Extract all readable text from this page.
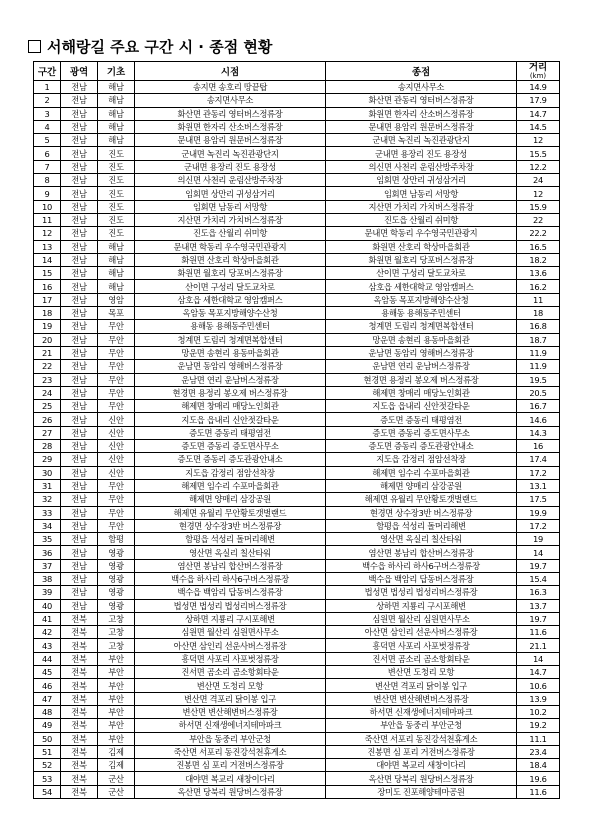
서해랑길 주요 구간 시 · 종점 현황
구간	광역	기초	시점	종점	거리
(km)

1	전남	해남	송지면 송호리 땅끝탑	송지면사무소	14.9
2	전남	해남	송지면사무소	화산면 관동리 영터버스정류장	17.9
3	전남	해남	화산면 관동리 영터버스정류장	화원면 한자리 산소버스정류장	14.7
4	전남	해남	화원면 한자리 산소버스정류장	문내면 용암리 원문버스정류장	14.5
5	전남	해남	문내면 용암리 원문버스정류장	군내면 녹진리 녹진관광단지	12
6	전남	진도	군내면 녹진리 녹진관광단지	군내면 용장리 진도 용장성	15.5
7	전남	진도	군내면 용장리 진도 용장성	의신면 사천리 운림산방주차장	12.2
8	전남	진도	의신면 사천리 운림산방주차장	임회면 상만리 귀성삼거리	24
9	전남	진도	임회면 상만리 귀성삼거리	임회면 남동리 서망항	12
10	전남	진도	임회면 남동리 서망항	지산면 가치리 가치버스정류장	15.9
11	전남	진도	지산면 가치리 가치버스정류장	진도읍 산월리 쉬미항	22
12	전남	진도	진도읍 산월리 쉬미항	문내면 학동리 우수영국민관광지	22.2
13	전남	해남	문내면 학동리 우수영국민관광지	화원면 산호리 학상마을회관	16.5
14	전남	해남	화원면 산호리 학상마을회관	화원면 월호리 당포버스정류장	18.2
15	전남	해남	화원면 월호리 당포버스정류장	산이면 구성리 달도교차로	13.6
16	전남	해남	산이면 구성리 달도교차로	삼호읍 세한대학교 영암캠퍼스	16.2
17	전남	영암	삼호읍 세한대학교 영암캠퍼스	옥암동 목포지방해양수산청	11
18	전남	목포	옥암동 목포지방해양수산청	용해동 용해동주민센터	18
19	전남	무안	용해동 용해동주민센터	청계면 도림리 청계면복합센터	16.8
20	전남	무안	청계면 도림리 청계면복합센터	망운면 송현리 용동마을회관	18.7
21	전남	무안	망운면 송현리 용동마을회관	운남면 동암리 영해버스정류장	11.9
22	전남	무안	운남면 동암리 영해버스정류장	운남면 연리 운남버스정류장	11.9
23	전남	무안	운남면 연리 운남버스정류장	현경면 용정리 봉오제 버스정류장	19.5
24	전남	무안	현경면 용정리 봉오제 버스정류장	해제면 창매리 매당노인회관	20.5
25	전남	무안	해제면 창매리 매당노인회관	지도읍 읍내리 신안젓갈타운	16.7
26	전남	신안	지도읍 읍내리 신안젓갈타운	증도면 증동리 태평염전	14.6
27	전남	신안	증도면 증동리 태평염전	증도면 증동리 증도면사무소	14.3
28	전남	신안	증도면 증동리 증도면사무소	증도면 증동리 증도관광안내소	16
29	전남	신안	증도면 증동리 증도관광안내소	지도읍 감정리 점암선착장	17.4
30	전남	신안	지도읍 감정리 점암선착장	해제면 임수리 수포마을회관	17.2
31	전남	무안	해제면 임수리 수포마을회관	해제면 양매리 삼강공원	13.1
32	전남	무안	해제면 양매리 삼강공원	해제면 유월리 무안황토갯벌랜드	17.5
33	전남	무안	해제면 유월리 무안황토갯벌랜드	현경면 상수장3반 버스정류장	19.9
34	전남	무안	현경면 상수장3반 버스정류장	함평읍 석성리 돌머리해변	17.2
35	전남	함평	함평읍 석성리 돌머리해변	영산면 옥실리 칠산타워	19
36	전남	영광	영산면 옥실리 칠산타워	염산면 봉남리 합산버스정류장	14
37	전남	영광	염산면 봉남리 합산버스정류장	백수읍 하사리 하사6구버스정류장	19.7
38	전남	영광	백수읍 하사리 하사6구버스정류장	백수읍 백암리 답동버스정류장	15.4
39	전남	영광	백수읍 백암리 답동버스정류장	법성면 법성리 법성리버스정류장	16.3
40	전남	영광	법성면 법성리 법성리버스정류장	상하면 지룡리 구시포해변	13.7
41	전북	고창	상하면 지룡리 구시포해변	심원면 월산리 심원면사무소	19.7
42	전북	고창	심원면 월산리 심원면사무소	아산면 삼인리 선운사버스정류장	11.6
43	전북	고창	아산면 삼인리 선운사버스정류장	흥덕면 사포리 사포벗정류장	21.1
44	전북	부안	흥덕면 사포리 사포벗정류장	진서면 곰소리 곰소항회타운	14
45	전북	부안	진서면 곰소리 곰소항회타운	변산면 도청리 모항	14.7
46	전북	부안	변산면 도청리 모항	변산면 격포리 닭이봉 입구	10.6
47	전북	부안	변산면 격포리 닭이봉 입구	변산면 변산해변버스정류장	13.9
48	전북	부안	변산면 변산해변버스정류장	하서면 신재생에너지테마파크	10.2
49	전북	부안	하서면 신재생에너지테마파크	부안읍 동중리 부안군청	19.2
50	전북	부안	부안읍 동중리 부안군청	죽산면 서포리 동진강석천휴게소	11.1
51	전북	김제	죽산면 서포리 동진강석천휴게소	진봉면 심 포리 거전버스정류장	23.4
52	전북	김제	진봉면 심 포리 거전버스정류장	대야면 복교리 새창이다리	18.4
53	전북	군산	대야면 복교리 새창이다리	옥산면 당북리 원당버스정류장	19.6
54	전북	군산	옥산면 당북리 원당버스정류장	장미도 진포해양테마공원	11.6
